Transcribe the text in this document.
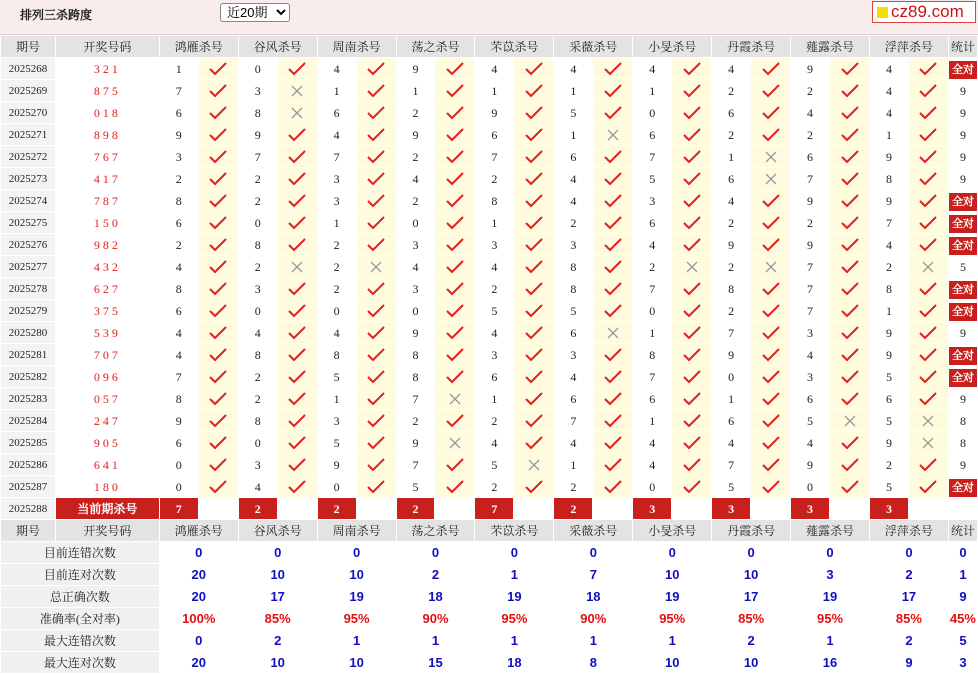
排列三杀跨度
近20期	cz89.com
期号	开奖号码	鸿雁杀号		谷风杀号		周南杀号		荡之杀号		芣苡杀号		采薇杀号		小旻杀号		丹霞杀号		薤露杀号		浮萍杀号		统计
2025268	321	1		0		4		9		4		4		4		4		9		4		全对
2025269	875	7		3		1		1		1		1		1		2		2		4		9
2025270	018	6		8		6		2		9		5		0		6		4		4		9
2025271	898	9		9		4		9		6		1		6		2		2		1		9
2025272	767	3		7		7		2		7		6		7		1		6		9		9
2025273	417	2		2		3		4		2		4		5		6		7		8		9
2025274	787	8		2		3		2		8		4		3		4		9		9		全对
2025275	150	6		0		1		0		1		2		6		2		2		7		全对
2025276	982	2		8		2		3		3		3		4		9		9		4		全对
2025277	432	4		2		2		4		4		8		2		2		7		2		5
2025278	627	8		3		2		3		2		8		7		8		7		8		全对
2025279	375	6		0		0		0		5		5		0		2		7		1		全对
2025280	539	4		4		4		9		4		6		1		7		3		9		9
2025281	707	4		8		8		8		3		3		8		9		4		9		全对
2025282	096	7		2		5		8		6		4		7		0		3		5		全对
2025283	057	8		2		1		7		1		6		6		1		6		6		9
2025284	247	9		8		3		2		2		7		1		6		5		5		8
2025285	905	6		0		5		9		4		4		4		4		4		9		8
2025286	641	0		3		9		7		5		1		4		7		9		2		9
2025287	180	0		4		0		5		2		2		0		5		0		5		全对
2025288	当前期杀号	7		2		2		2		7		2		3		3		3		3		
期号	开奖号码	鸿雁杀号		谷风杀号		周南杀号		荡之杀号		芣苡杀号		采薇杀号		小旻杀号		丹霞杀号		薤露杀号		浮萍杀号		统计
目前连错次数		0		0		0		0		0		0		0		0		0		0		0
目前连对次数		20		10		10		2		1		7		10		10		3		2		1
总正确次数		20		17		19		18		19		18		19		17		19		17		9
准确率(全对率)		100%		85%		95%		90%		95%		90%		95%		85%		95%		85%		45%
最大连错次数		0		2		1		1		1		1		1		2		1		2		5
最大连对次数		20		10		10		15		18		8		10		10		16		9		3
